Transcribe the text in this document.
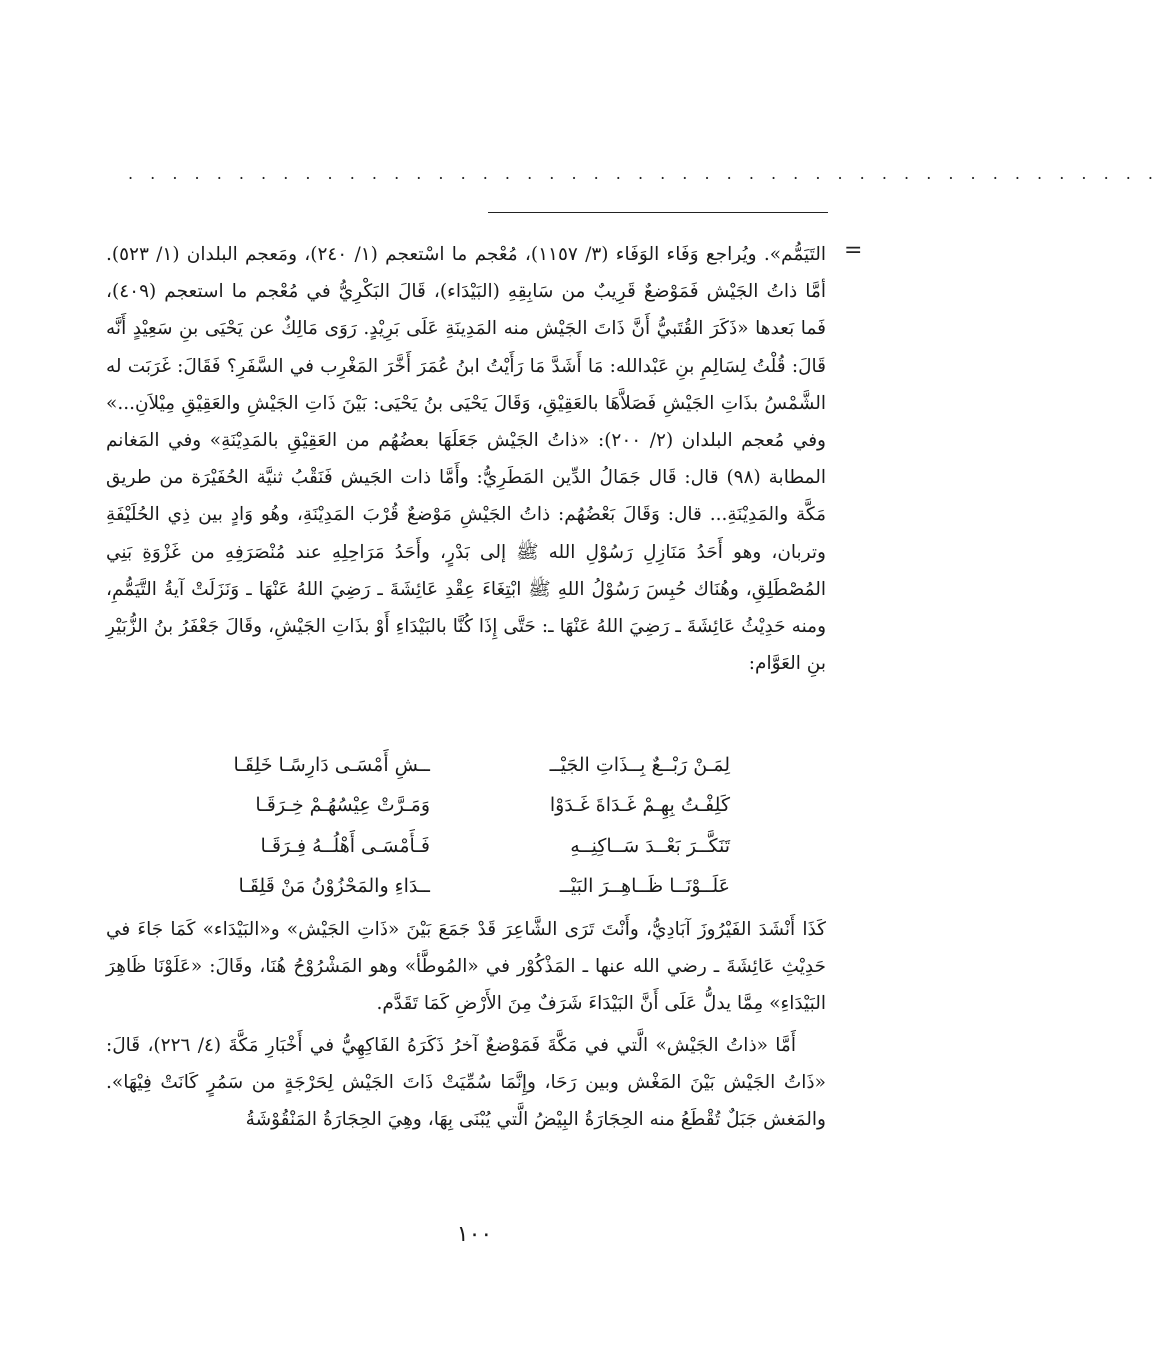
. . . . . . . . . . . . . . . . . . . . . . . . . . . . . . . . . . . . . . . . . . . . . . .
=

التَيَمُّم». ويُراجع وَفَاء الوَفَاء (٣/ ١١٥٧)، مُعْجم ما اسْتعجم (١/ ٢٤٠)، ومَعجم البلدان (١/ ٥٢٣). أمَّا ذاتُ الجَيْش فَمَوْضعٌ قَرِيبٌ من سَابِقِهِ (البَيْدَاء)، قَالَ البَكْرِيُّ في مُعْجم ما استعجم (٤٠٩)، فَما بَعدها «ذَكَرَ القُتَبيُّ أَنَّ ذَاتَ الجَيْش منه المَدِينَةِ عَلَى بَرِيْدٍ. رَوَى مَالِكٌ عن يَحْيَى بنِ سَعِيْدٍ أَنَّه قَالَ: قُلْتُ لِسَالِمِ بنِ عَبْدالله: مَا أَشَدَّ مَا رَأَيْتُ ابنُ عُمَرَ أَخَّرَ المَغْرِب في السَّفَرِ؟ فَقَالَ: غَرَبَت له الشَّمْسُ بذَاتِ الجَيْشِ فَصَلاَّهَا بالعَقِيْقِ، وَقَالَ يَحْيَى بنُ يَحْيَى: بَيْنَ ذَاتِ الجَيْشِ والعَقِيْقِ مِيْلاَنِ...» وفي مُعجم البلدان (٢/ ٢٠٠): «ذاتُ الجَيْش جَعَلَهَا بعضُهُم من العَقِيْقِ بالمَدِيْنَةِ» وفي المَغانم المطابة (٩٨) قال: قَال جَمَالُ الدِّين المَطَرِيُّ: وأَمَّا ذات الجَيش فَنَقْبُ ثنيَّة الحُفَيْرَة من طريق مَكَّة والمَدِيْنَةِ... قال: وَقَالَ بَعْضُهُم: ذاتُ الجَيْشِ مَوْضعٌ قُرْبَ المَدِيْنَةِ، وهُو وَادٍ بين ذِي الحُلَيْفَةِ وتربان، وهو أَحَدُ مَنَازِلِ رَسُوْلِ الله ﷺ إلى بَدْرٍ، وأَحَدُ مَرَاحِلِهِ عند مُنْصَرَفِهِ من غَزْوَةِ بَنِي المُصْطَلِقِ، وهُنَاك حُبِسَ رَسُوْلُ اللهِ ﷺ ابْتِغَاءَ عِقْدِ عَائِشَةَ ـ رَضِيَ اللهُ عَنْهَا ـ وَنَزَلَتْ آيةُ التَّيَمُّمِ، ومنه حَدِيْثُ عَائِشَةَ ـ رَضِيَ اللهُ عَنْهَا ـ: حَتَّى إِذَا كُنَّا بالبَيْدَاءِ أَوْ بذَاتِ الجَيْشِ، وقَالَ جَعْفَرُ بنُ الزُّبَيْرِ بنِ العَوَّام:

لِمَـنْ رَبْــعٌ بِــذَاتِ الجَيْــ
ــشِ أَمْسَـى دَارِسًـا خَلِقَـا
كَلِفْـتُ بِهِـمْ غَـدَاةَ غَـدَوْا
وَمَـرَّتْ عِيْسُهُـمْ خِـرَقَـا
تَنَكَّــرَ بَعْــدَ سَــاكِنِــهِ
فَـأَمْسَـى أَهْلُــهُ فِـرَقَـا
عَلَــوْنَــا ظَــاهِــرَ البَيْــ
ــدَاءِ والمَحْزُوْنُ مَنْ قَلِقَـا

كَذَا أَنْشَدَ الفَيْرُوزَ آبَادِيُّ، وأَنْتَ تَرَى الشَّاعِرَ قَدْ جَمَعَ بَيْنَ «ذَاتِ الجَيْش» و«البَيْدَاء» كَمَا جَاءَ في حَدِيْثِ عَائِشَةَ ـ رضي الله عنها ـ المَذْكُوْر في «المُوطَّأ» وهو المَشْرُوْحُ هُنَا، وقَالَ: «عَلَوْنَا ظَاهِرَ البَيْدَاءِ» مِمَّا يدلُّ عَلَى أَنَّ البَيْدَاءَ شَرَفٌ مِنَ الأَرْضِ كَمَا تَقَدَّم.

أَمَّا «ذاتُ الجَيْش» الَّتي في مَكَّةَ فَمَوْضعٌ آخرُ ذَكَرَهُ الفَاكِهِيُّ في أَخْبَارِ مَكَّةَ (٤/ ٢٢٦)، قَالَ: «ذَاتُ الجَيْش بَيْنَ المَغْش وبين رَحَا، وإِنَّمَا سُمِّيَتْ ذَاتَ الجَيْش لِحَرْجَةٍ من سَمُرٍ كَانَتْ فِيْهَا». والمَغش جَبَلٌ تُقْطَعُ منه الحِجَارَةُ البِيْضُ الَّتي يُبْنَى بِهَا، وهِيَ الحِجَارَةُ المَنْقُوْشَةُ

١٠٠
